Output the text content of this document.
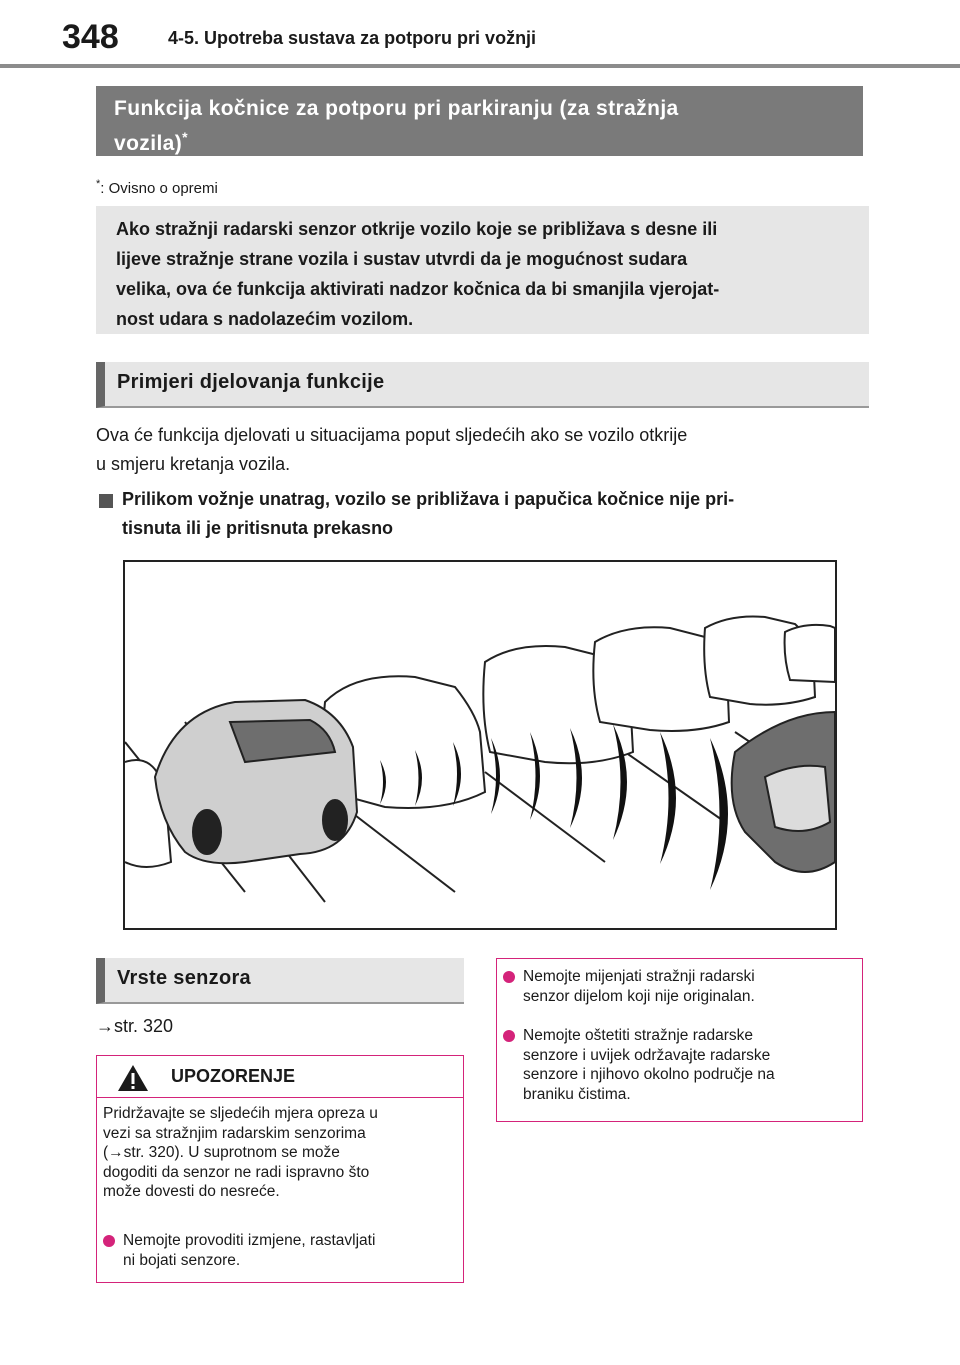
348	4-5. Upotreba sustava za potporu pri vožnji
Funkcija kočnice za potporu pri parkiranju (za stražnja
vozila)*
*: Ovisno o opremi
Ako stražnji radarski senzor otkrije vozilo koje se približava s desne ili
lijeve stražnje strane vozila i sustav utvrdi da je mogućnost sudara
velika, ova će funkcija aktivirati nadzor kočnica da bi smanjila vjerojat-
nost udara s nadolazećim vozilom.
Primjeri djelovanja funkcije
Ova će funkcija djelovati u situacijama poput sljedećih ako se vozilo otkrije
u smjeru kretanja vozila.
Prilikom vožnje unatrag, vozilo se približava i papučica kočnice nije pri-
tisnuta ili je pritisnuta prekasno
Vrste senzora
→str. 320
UPOZORENJE
Pridržavajte se sljedećih mjera opreza u
vezi sa stražnjim radarskim senzorima
(→str. 320). U suprotnom se može
dogoditi da senzor ne radi ispravno što
može dovesti do nesreće.
Nemojte provoditi izmjene, rastavljati
ni bojati senzore.
Nemojte mijenjati stražnji radarski
senzor dijelom koji nije originalan.
Nemojte oštetiti stražnje radarske
senzore i uvijek održavajte radarske
senzore i njihovo okolno područje na
braniku čistima.
